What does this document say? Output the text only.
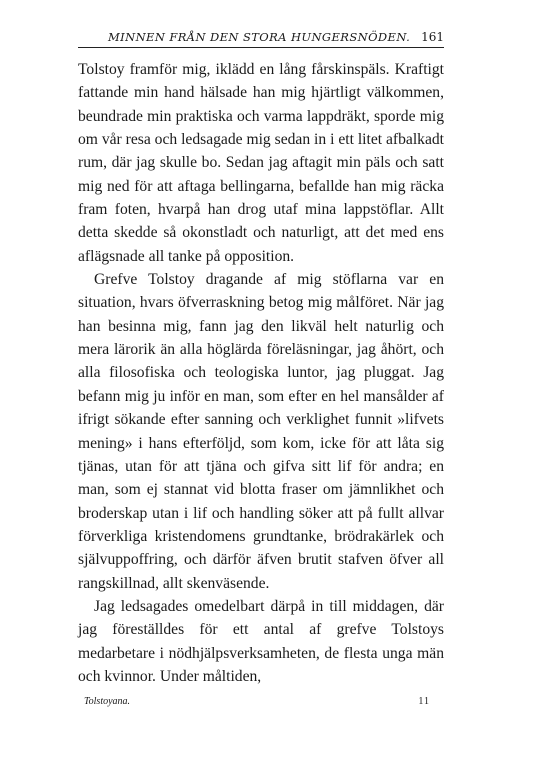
MINNEN FRÅN DEN STORA HUNGERSNÖDEN. 161

Tolstoy framför mig, iklädd en lång fårskinspäls. Kraftigt fattande min hand hälsade han mig hjärtligt välkommen, beundrade min praktiska och varma lappdräkt, sporde mig om vår resa och ledsagade mig sedan in i ett litet afbalkadt rum, där jag skulle bo. Sedan jag aftagit min päls och satt mig ned för att aftaga bellingarna, befallde han mig räcka fram foten, hvarpå han drog utaf mina lappstöflar. Allt detta skedde så okonstladt och naturligt, att det med ens aflägsnade all tanke på opposition.

Grefve Tolstoy dragande af mig stöflarna var en situation, hvars öfverraskning betog mig målföret. När jag han besinna mig, fann jag den likväl helt naturlig och mera lärorik än alla höglärda föreläsningar, jag åhört, och alla filosofiska och teologiska luntor, jag pluggat. Jag befann mig ju inför en man, som efter en hel mansålder af ifrigt sökande efter sanning och verklighet funnit »lifvets mening» i hans efterföljd, som kom, icke för att låta sig tjänas, utan för att tjäna och gifva sitt lif för andra; en man, som ej stannat vid blotta fraser om jämnlikhet och broderskap utan i lif och handling söker att på fullt allvar förverkliga kristendomens grundtanke, brödrakärlek och självuppoffring, och därför äfven brutit stafven öfver all rangskillnad, allt skenväsende.

Jag ledsagades omedelbart därpå in till middagen, där jag föreställdes för ett antal af grefve Tolstoys medarbetare i nödhjälpsverksamheten, de flesta unga män och kvinnor. Under måltiden,

Tolstoyana.	11
